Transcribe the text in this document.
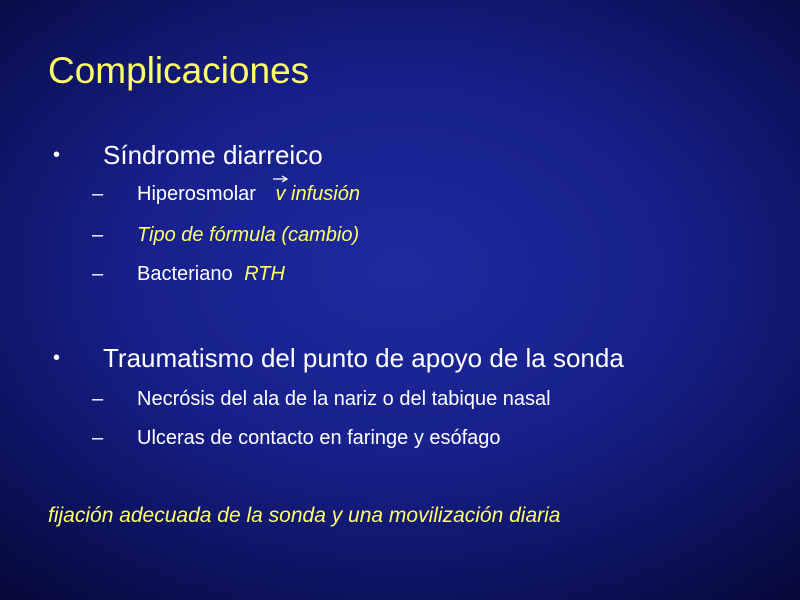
Complicaciones
• Síndrome diarreico
– Hiperosmolar v infusión
– Tipo de fórmula (cambio)
– Bacteriano RTH
• Traumatismo del punto de apoyo de la sonda
– Necrósis del ala de la nariz o del tabique nasal
– Ulceras de contacto en faringe y esófago
fijación adecuada de la sonda y una movilización diaria
